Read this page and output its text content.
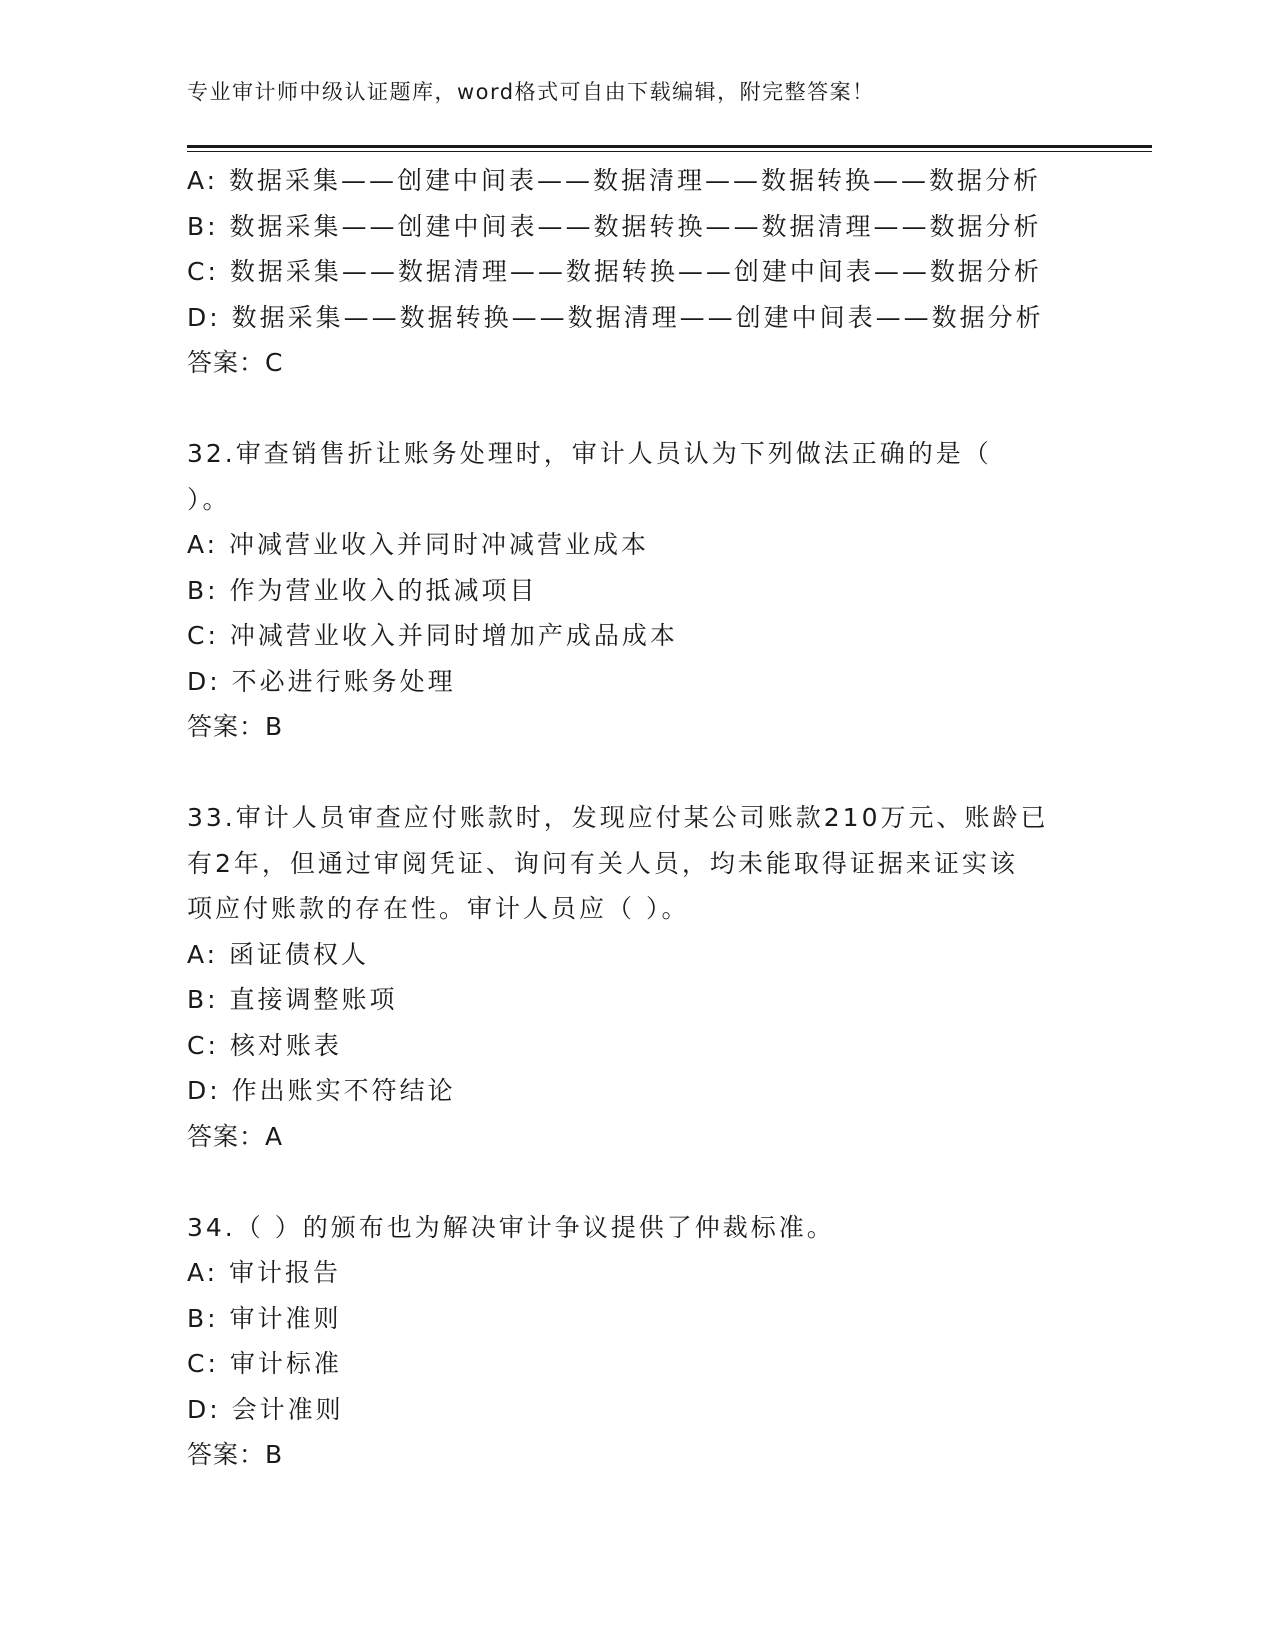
专业审计师中级认证题库，word格式可自由下载编辑，附完整答案！
A: 数据采集——创建中间表——数据清理——数据转换——数据分析
B: 数据采集——创建中间表——数据转换——数据清理——数据分析
C: 数据采集——数据清理——数据转换——创建中间表——数据分析
D: 数据采集——数据转换——数据清理——创建中间表——数据分析
答案：C
32.审查销售折让账务处理时，审计人员认为下列做法正确的是（
）。
A: 冲减营业收入并同时冲减营业成本
B: 作为营业收入的抵减项目
C: 冲减营业收入并同时增加产成品成本
D: 不必进行账务处理
答案：B
33.审计人员审查应付账款时，发现应付某公司账款210万元、账龄已
有2年，但通过审阅凭证、询问有关人员，均未能取得证据来证实该
项应付账款的存在性。审计人员应（ ）。
A: 函证债权人
B: 直接调整账项
C: 核对账表
D: 作出账实不符结论
答案：A
34.（ ）的颁布也为解决审计争议提供了仲裁标准。
A: 审计报告
B: 审计准则
C: 审计标准
D: 会计准则
答案：B
